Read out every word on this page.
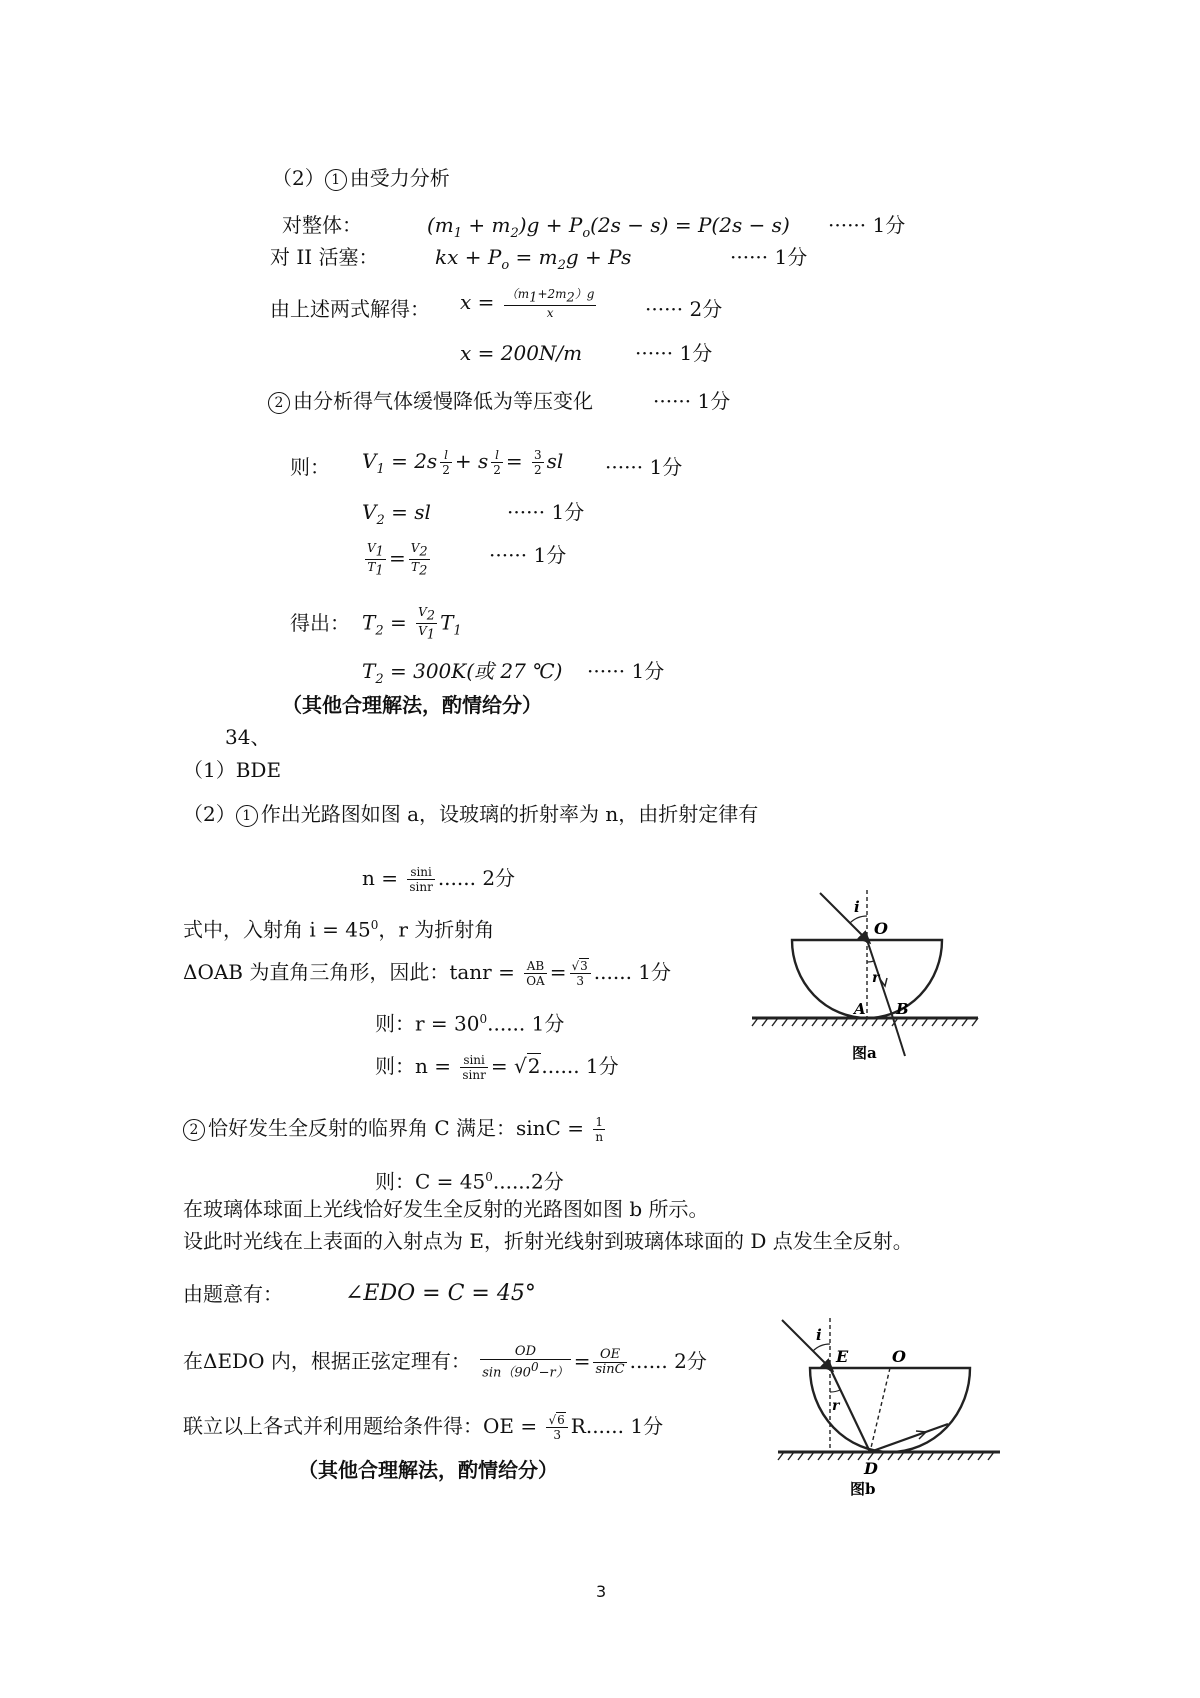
（2） 1 由受力分析
对整体：	$(m_1 + m_2)g + P_o(2s - s) = P(2s - s)$ ······ 1分
对 II 活塞：	kx + $P_o = m_2g + Ps$	······ 1分
由上述两式解得： $x = \frac{(m_1+2m_2)g}{x}$ ······ 2分
x = 200N/m	······ 1分
2 由分析得气体缓慢降低为等压变化	······ 1分
则： $V_1 = 2s \frac{l}{2} + s \frac{l}{2} = \frac{3}{2}$ sl ······ 1分
$V_2$ = sl	······ 1分
$\frac{V_1}{T_1} = \frac{V_2}{T_2}$	······ 1分
得出： $T_2 = \frac{V_2}{V_1} T_1$
$T_2 = 300K$(或 27 ℃) ······ 1分
（其他合理解法，酌情给分）
34、
（1）BDE
（2） 1 作出光路图如图 a，设玻璃的折射率为 n，由折射定律有
$n = \frac{\sin i}{\sin r}$ ...... 2分
式中，入射角 $i = 45^0$，r 为折射角
ΔOAB 为直角三角形，因此：$\tan r = \frac{AB}{OA} = \frac{√3}{3}$ ...... 1分
则：$r = 30^0$...... 1分
则：$n = \frac{\sin i}{\sin r} = √2$...... 1分
2 恰好发生全反射的临界角 C 满足：$\sin C = \frac{1}{n}$
则：$C = 45^0......2$分
在玻璃体球面上光线恰好发生全反射的光路图如图 b 所示。
设此时光线在上表面的入射点为 E，折射光线射到玻璃体球面的 D 点发生全反射。
由题意有：	∠EDO = C = 45°
在ΔEDO 内，根据正弦定理有： $\frac{OD}{\sin(90^0-r)} = \frac{OE}{\sin C}$ ...... 2分
联立以上各式并利用题给条件得：OE = $\frac{√6}{3} R$...... 1分
（其他合理解法，酌情给分）
i
O
r
A B
图a
i
E	O
r
D
图b
3
